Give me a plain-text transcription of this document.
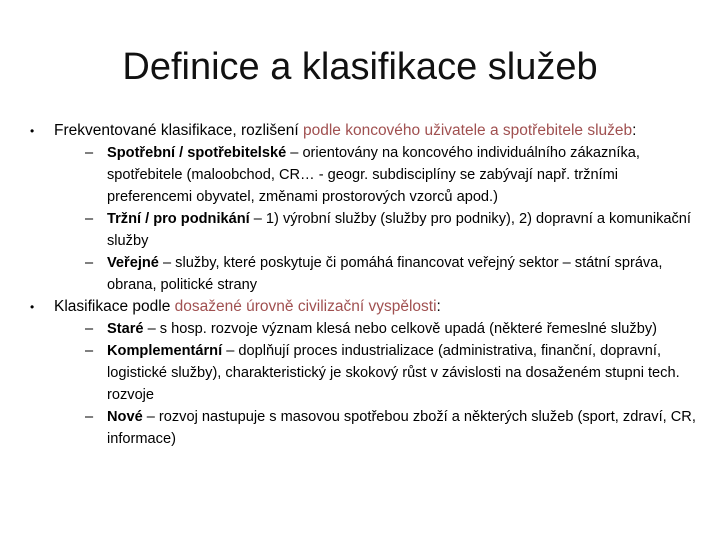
Definice a klasifikace služeb
•	Frekventované klasifikace, rozlišení podle koncového uživatele a spotřebitele služeb:
– Spotřební / spotřebitelské – orientovány na koncového individuálního zákazníka, spotřebitele (maloobchod, CR… - geogr. subdisciplíny se zabývají např. tržními preferencemi obyvatel, změnami prostorových vzorců apod.)
– Tržní / pro podnikání – 1) výrobní služby (služby pro podniky), 2) dopravní a komunikační služby
– Veřejné – služby, které poskytuje či pomáhá financovat veřejný sektor – státní správa, obrana, politické strany
•	Klasifikace podle dosažené úrovně civilizační vyspělosti:
– Staré – s hosp. rozvoje význam klesá nebo celkově upadá (některé řemeslné služby)
– Komplementární – doplňují proces industrializace (administrativa, finanční, dopravní, logistické služby), charakteristický je skokový růst v závislosti na dosaženém stupni tech. rozvoje
– Nové – rozvoj nastupuje s masovou spotřebou zboží a některých služeb (sport, zdraví, CR, informace)
